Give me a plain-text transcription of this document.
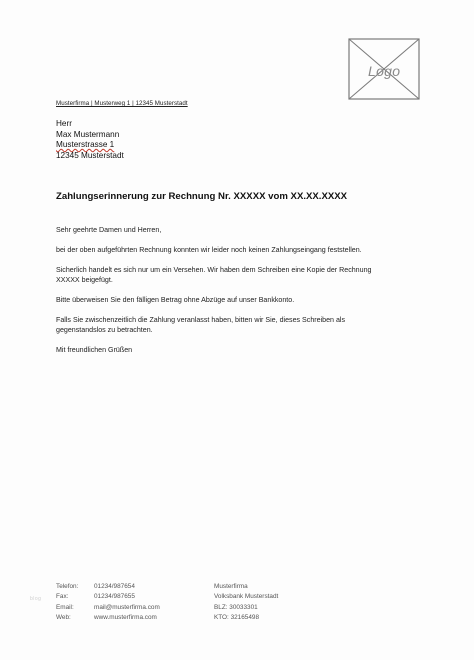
Logo
Musterfirma | Musterweg 1 | 12345 Musterstadt
Herr
Max Mustermann
Musterstrasse 1
12345 Musterstadt
Zahlungserinnerung zur Rechnung Nr. XXXXX vom XX.XX.XXXX

Sehr geehrte Damen und Herren,

bei der oben aufgeführten Rechnung konnten wir leider noch keinen Zahlungseingang feststellen.

Sicherlich handelt es sich nur um ein Versehen. Wir haben dem Schreiben eine Kopie der Rechnung XXXXX beigefügt.

Bitte überweisen Sie den fälligen Betrag ohne Abzüge auf unser Bankkonto.

Falls Sie zwischenzeitlich die Zahlung veranlasst haben, bitten wir Sie, dieses Schreiben als gegenstandslos zu betrachten.

Mit freundlichen Grüßen

Telefon:
Fax:
Email:
Web:
01234/987654
01234/987655
mail@musterfirma.com
www.musterfirma.com
Musterfirma
Volksbank Musterstadt
BLZ: 30033301
KTO: 32165498
blog
